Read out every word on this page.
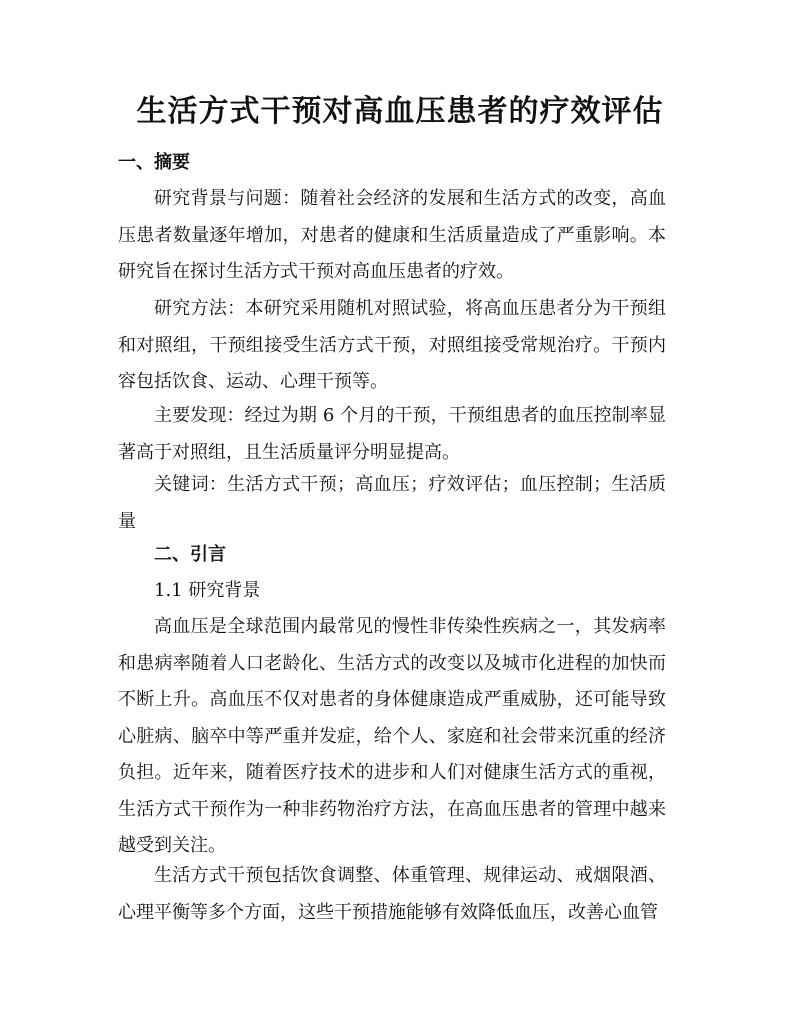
生活方式干预对高血压患者的疗效评估
一、摘要
研究背景与问题：随着社会经济的发展和生活方式的改变，高血压患者数量逐年增加，对患者的健康和生活质量造成了严重影响。本研究旨在探讨生活方式干预对高血压患者的疗效。
研究方法：本研究采用随机对照试验，将高血压患者分为干预组和对照组，干预组接受生活方式干预，对照组接受常规治疗。干预内容包括饮食、运动、心理干预等。
主要发现：经过为期 6 个月的干预，干预组患者的血压控制率显著高于对照组，且生活质量评分明显提高。
关键词：生活方式干预；高血压；疗效评估；血压控制；生活质量
二、引言
1.1 研究背景
高血压是全球范围内最常见的慢性非传染性疾病之一，其发病率和患病率随着人口老龄化、生活方式的改变以及城市化进程的加快而不断上升。高血压不仅对患者的身体健康造成严重威胁，还可能导致心脏病、脑卒中等严重并发症，给个人、家庭和社会带来沉重的经济负担。近年来，随着医疗技术的进步和人们对健康生活方式的重视，生活方式干预作为一种非药物治疗方法，在高血压患者的管理中越来越受到关注。
生活方式干预包括饮食调整、体重管理、规律运动、戒烟限酒、心理平衡等多个方面，这些干预措施能够有效降低血压，改善心血管
